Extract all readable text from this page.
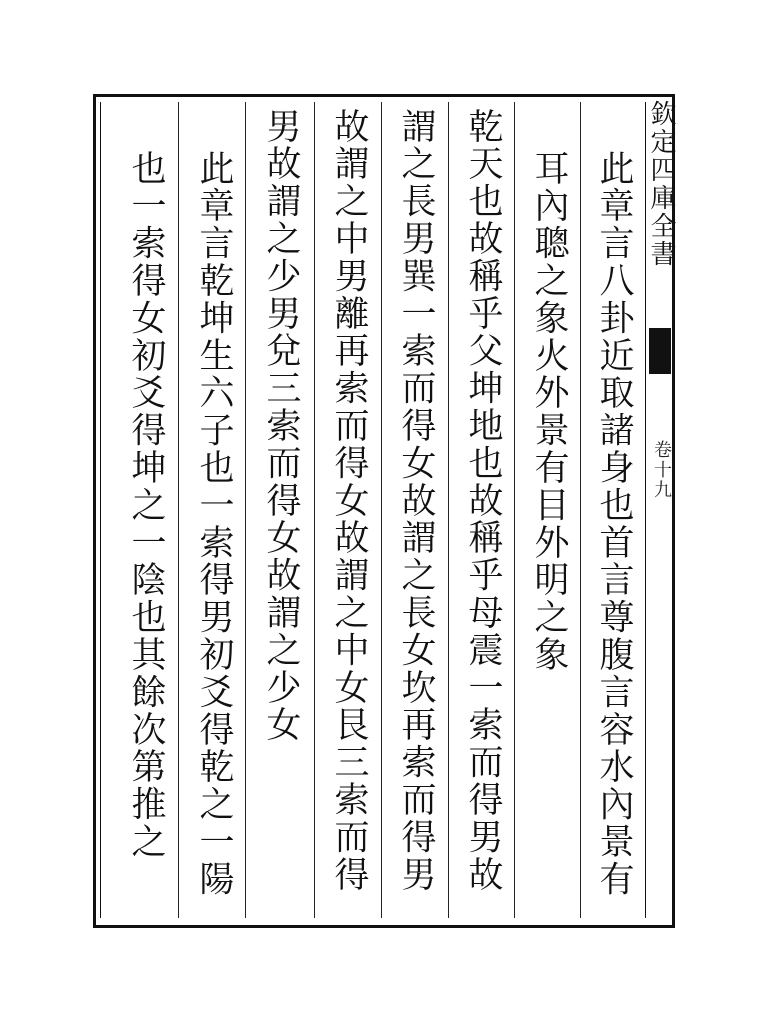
欽定四庫全書
卷十九
此章言八卦近取諸身也首言尊腹言容水內景有
耳內聰之象火外景有目外明之象
乾天也故稱乎父坤地也故稱乎母震一索而得男故
謂之長男巽一索而得女故謂之長女坎再索而得男
故謂之中男離再索而得女故謂之中女艮三索而得
男故謂之少男兌三索而得女故謂之少女
此章言乾坤生六子也一索得男初爻得乾之一陽
也一索得女初爻得坤之一陰也其餘次第推之
